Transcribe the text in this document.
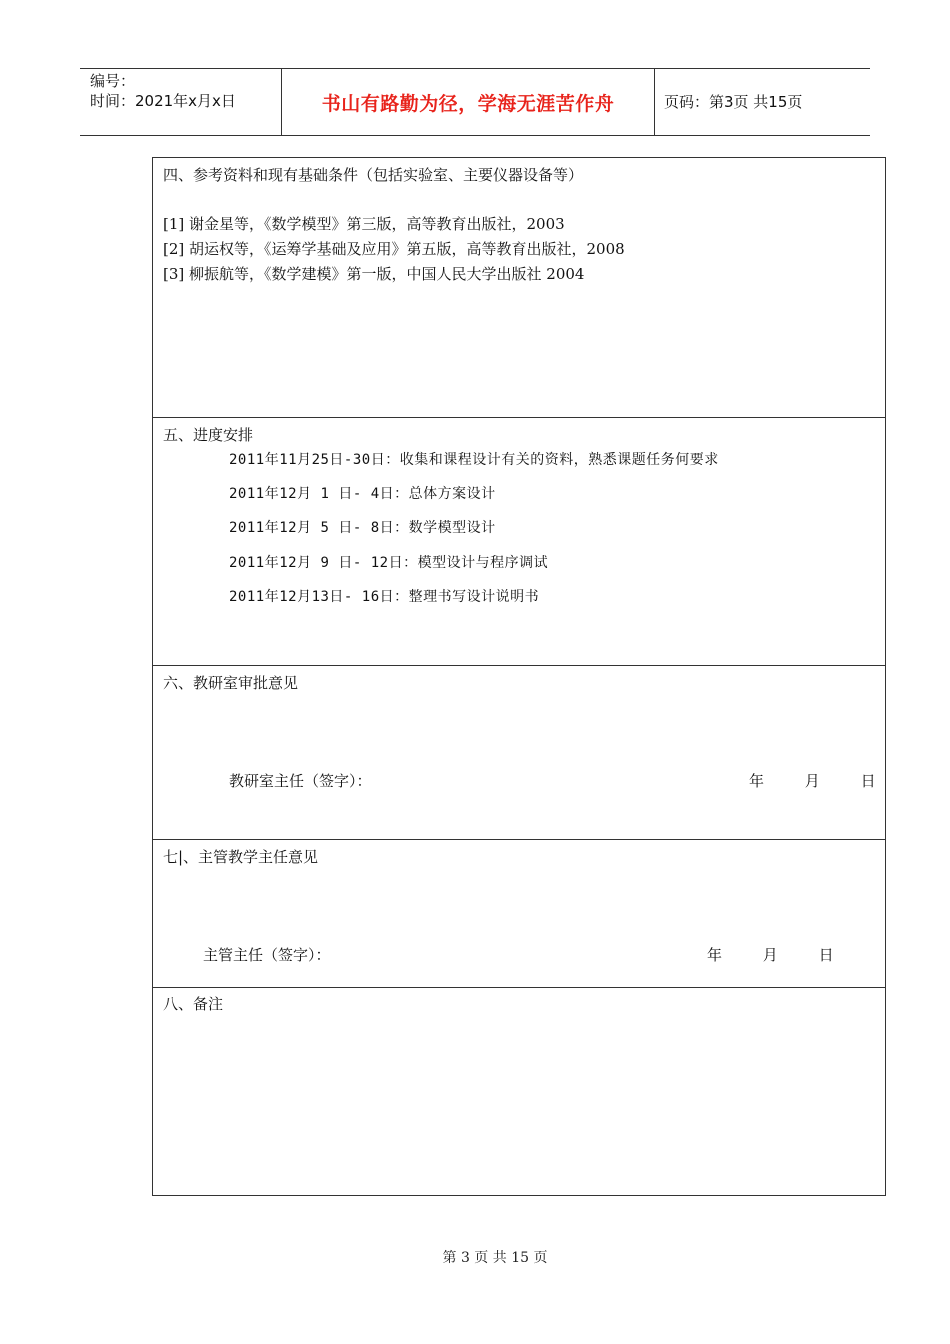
编号：
时间：2021年x月x日	书山有路勤为径，学海无涯苦作舟	页码：第3页 共15页
四、参考资料和现有基础条件（包括实验室、主要仪器设备等）
[1] 谢金星等，《数学模型》第三版，高等教育出版社，2003
[2] 胡运权等，《运筹学基础及应用》第五版，高等教育出版社，2008
[3] 柳振航等，《数学建模》第一版，中国人民大学出版社 2004
五、进度安排
2011年11月25日-30日：收集和课程设计有关的资料，熟悉课题任务何要求
2011年12月 1 日- 4日：总体方案设计
2011年12月 5 日- 8日：数学模型设计
2011年12月 9 日- 12日：模型设计与程序调试
2011年12月13日- 16日：整理书写设计说明书
六、教研室审批意见
教研室主任（签字）：	年	月	日
七|、主管教学主任意见
主管主任（签字）：	年	月	日
八、备注
第 3 页 共 15 页
